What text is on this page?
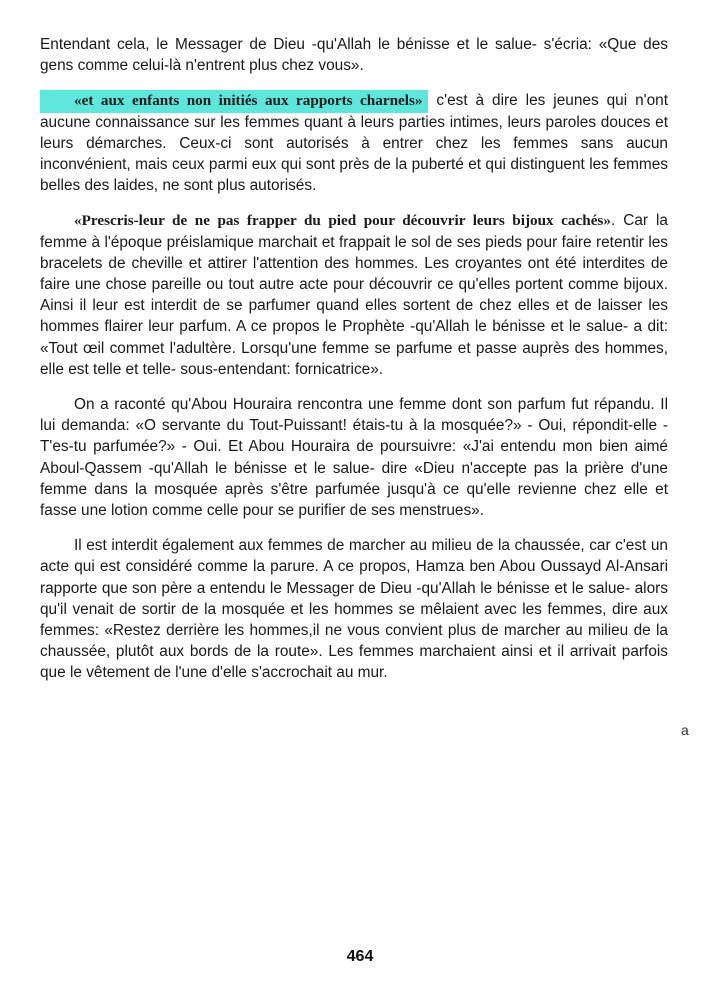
Entendant cela, le Messager de Dieu -qu'Allah le bénisse et le salue- s'écria: «Que des gens comme celui-là n'entrent plus chez vous».

«et aux enfants non initiés aux rapports charnels» c'est à dire les jeunes qui n'ont aucune connaissance sur les femmes quant à leurs parties intimes, leurs paroles douces et leurs démarches. Ceux-ci sont autorisés à entrer chez les femmes sans aucun inconvénient, mais ceux parmi eux qui sont près de la puberté et qui distinguent les femmes belles des laides, ne sont plus autorisés.

«Prescris-leur de ne pas frapper du pied pour découvrir leurs bijoux cachés». Car la femme à l'époque préislamique marchait et frappait le sol de ses pieds pour faire retentir les bracelets de cheville et attirer l'attention des hommes. Les croyantes ont été interdites de faire une chose pareille ou tout autre acte pour découvrir ce qu'elles portent comme bijoux. Ainsi il leur est interdit de se parfumer quand elles sortent de chez elles et de laisser les hommes flairer leur parfum. A ce propos le Prophète -qu'Allah le bénisse et le salue- a dit: «Tout œil commet l'adultère. Lorsqu'une femme se parfume et passe auprès des hommes, elle est telle et telle- sous-entendant: fornicatrice».

On a raconté qu'Abou Houraira rencontra une femme dont son parfum fut répandu. Il lui demanda: «O servante du Tout-Puissant! étais-tu à la mosquée?» - Oui, répondit-elle -T'es-tu parfumée?» - Oui. Et Abou Houraira de poursuivre: «J'ai entendu mon bien aimé Aboul-Qassem -qu'Allah le bénisse et le salue- dire «Dieu n'accepte pas la prière d'une femme dans la mosquée après s'être parfumée jusqu'à ce qu'elle revienne chez elle et fasse une lotion comme celle pour se purifier de ses menstrues».

Il est interdit également aux femmes de marcher au milieu de la chaussée, car c'est un acte qui est considéré comme la parure. A ce propos, Hamza ben Abou Oussayd Al-Ansari rapporte que son père a entendu le Messager de Dieu -qu'Allah le bénisse et le salue- alors qu'il venait de sortir de la mosquée et les hommes se mêlaient avec les femmes, dire aux femmes: «Restez derrière les hommes,il ne vous convient plus de marcher au milieu de la chaussée, plutôt aux bords de la route». Les femmes marchaient ainsi et il arrivait parfois que le vêtement de l'une d'elle s'accrochait au mur.

a
464
